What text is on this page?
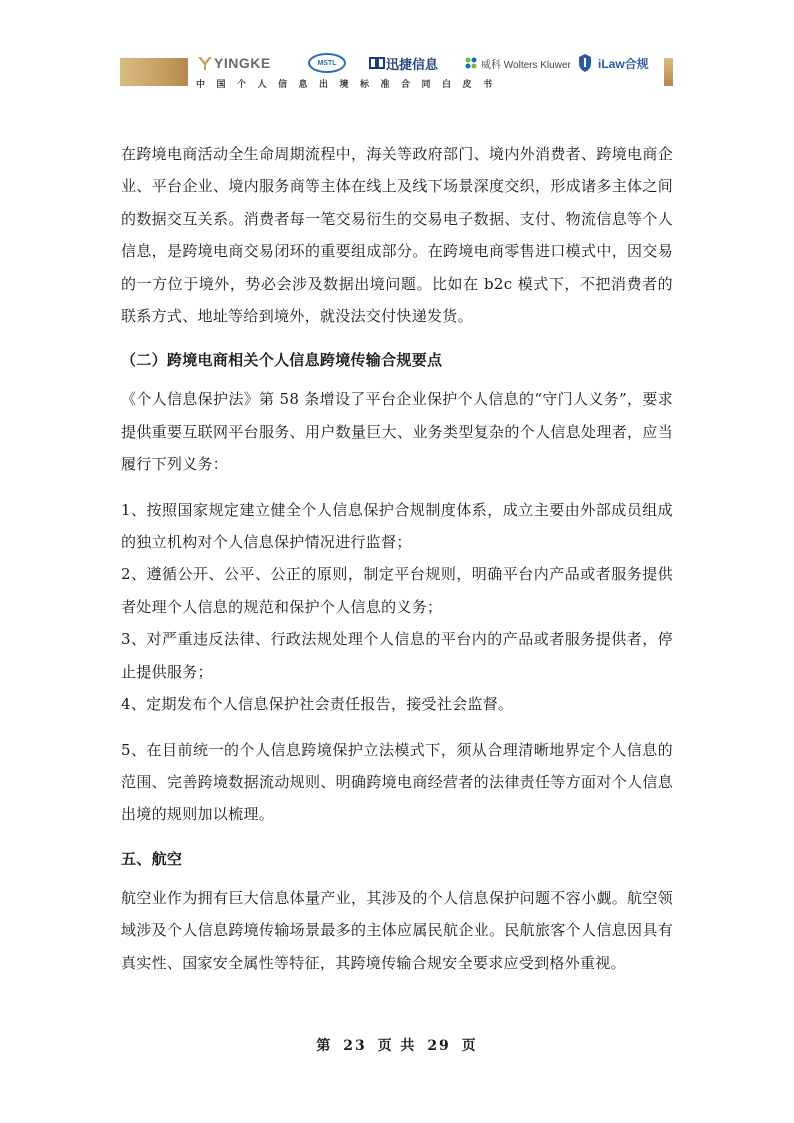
YINGKE	MSTL	迅捷信息	威科 Wolters Kluwer iLaw合规
中国个人信息出境标准合同白皮书

在跨境电商活动全生命周期流程中，海关等政府部门、境内外消费者、跨境电商企业、平台企业、境内服务商等主体在线上及线下场景深度交织，形成诸多主体之间的数据交互关系。消费者每一笔交易衍生的交易电子数据、支付、物流信息等个人信息，是跨境电商交易闭环的重要组成部分。在跨境电商零售进口模式中，因交易的一方位于境外，势必会涉及数据出境问题。比如在 b2c 模式下，不把消费者的联系方式、地址等给到境外，就没法交付快递发货。

（二）跨境电商相关个人信息跨境传输合规要点

《个人信息保护法》第 58 条增设了平台企业保护个人信息的“守门人义务”，要求提供重要互联网平台服务、用户数量巨大、业务类型复杂的个人信息处理者，应当履行下列义务：

1、按照国家规定建立健全个人信息保护合规制度体系，成立主要由外部成员组成的独立机构对个人信息保护情况进行监督；

2、遵循公开、公平、公正的原则，制定平台规则，明确平台内产品或者服务提供者处理个人信息的规范和保护个人信息的义务；

3、对严重违反法律、行政法规处理个人信息的平台内的产品或者服务提供者，停止提供服务；

4、定期发布个人信息保护社会责任报告，接受社会监督。

5、在目前统一的个人信息跨境保护立法模式下，须从合理清晰地界定个人信息的范围、完善跨境数据流动规则、明确跨境电商经营者的法律责任等方面对个人信息出境的规则加以梳理。

五、航空

航空业作为拥有巨大信息体量产业，其涉及的个人信息保护问题不容小觑。航空领域涉及个人信息跨境传输场景最多的主体应属民航企业。民航旅客个人信息因具有真实性、国家安全属性等特征，其跨境传输合规安全要求应受到格外重视。

第 23 页 共 29 页
